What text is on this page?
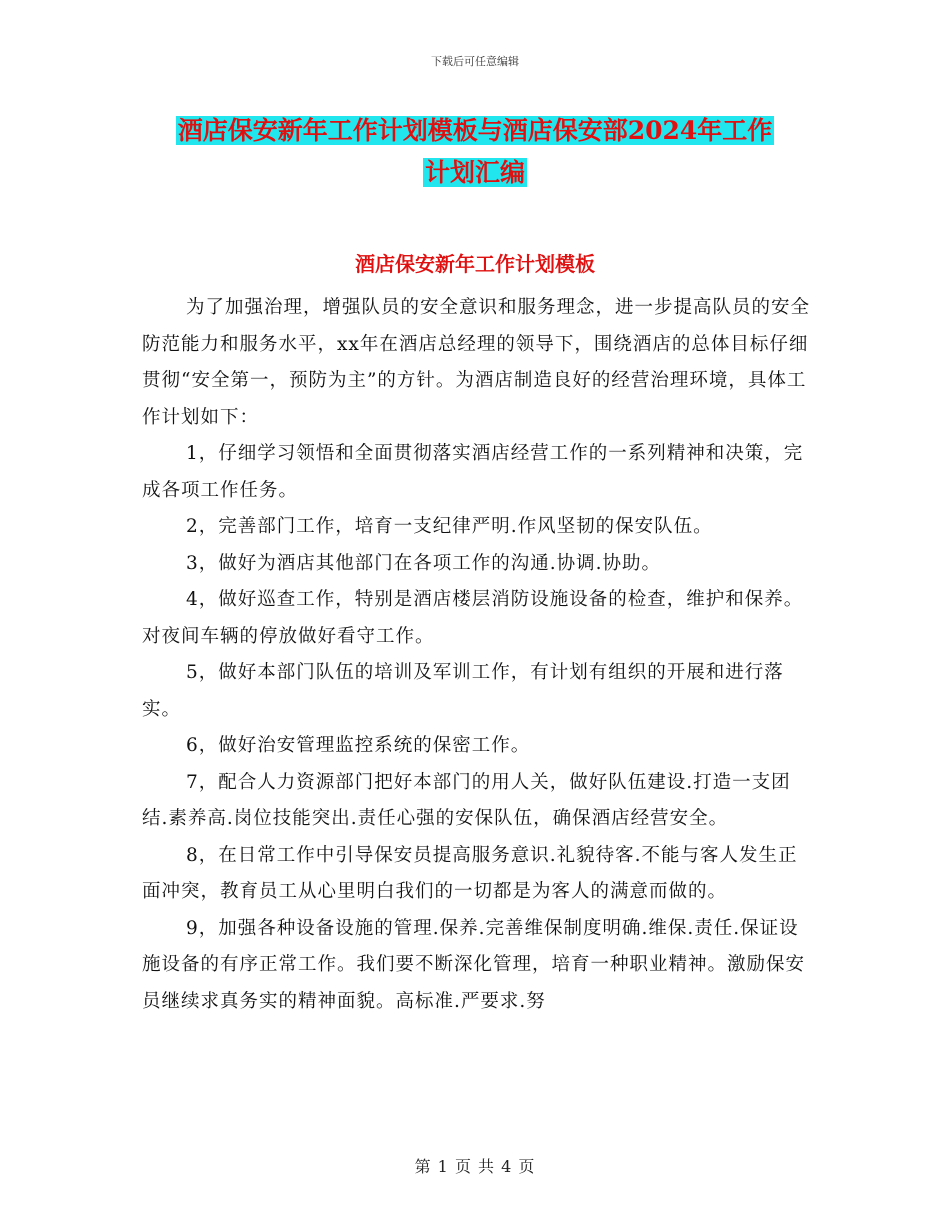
下载后可任意编辑
酒店保安新年工作计划模板与酒店保安部2024年工作
计划汇编
酒店保安新年工作计划模板

为了加强治理，增强队员的安全意识和服务理念，进一步提高队员的安全防范能力和服务水平，xx年在酒店总经理的领导下，围绕酒店的总体目标仔细贯彻“安全第一，预防为主”的方针。为酒店制造良好的经营治理环境，具体工作计划如下：

1，仔细学习领悟和全面贯彻落实酒店经营工作的一系列精神和决策，完成各项工作任务。

2，完善部门工作，培育一支纪律严明.作风坚韧的保安队伍。

3，做好为酒店其他部门在各项工作的沟通.协调.协助。

4，做好巡查工作，特别是酒店楼层消防设施设备的检查，维护和保养。对夜间车辆的停放做好看守工作。

5，做好本部门队伍的培训及军训工作，有计划有组织的开展和进行落实。

6，做好治安管理监控系统的保密工作。

7，配合人力资源部门把好本部门的用人关，做好队伍建设.打造一支团结.素养高.岗位技能突出.责任心强的安保队伍，确保酒店经营安全。

8，在日常工作中引导保安员提高服务意识.礼貌待客.不能与客人发生正面冲突，教育员工从心里明白我们的一切都是为客人的满意而做的。

9，加强各种设备设施的管理.保养.完善维保制度明确.维保.责任.保证设施设备的有序正常工作。我们要不断深化管理，培育一种职业精神。激励保安员继续求真务实的精神面貌。高标准.严要求.努

第 1 页 共 4 页
